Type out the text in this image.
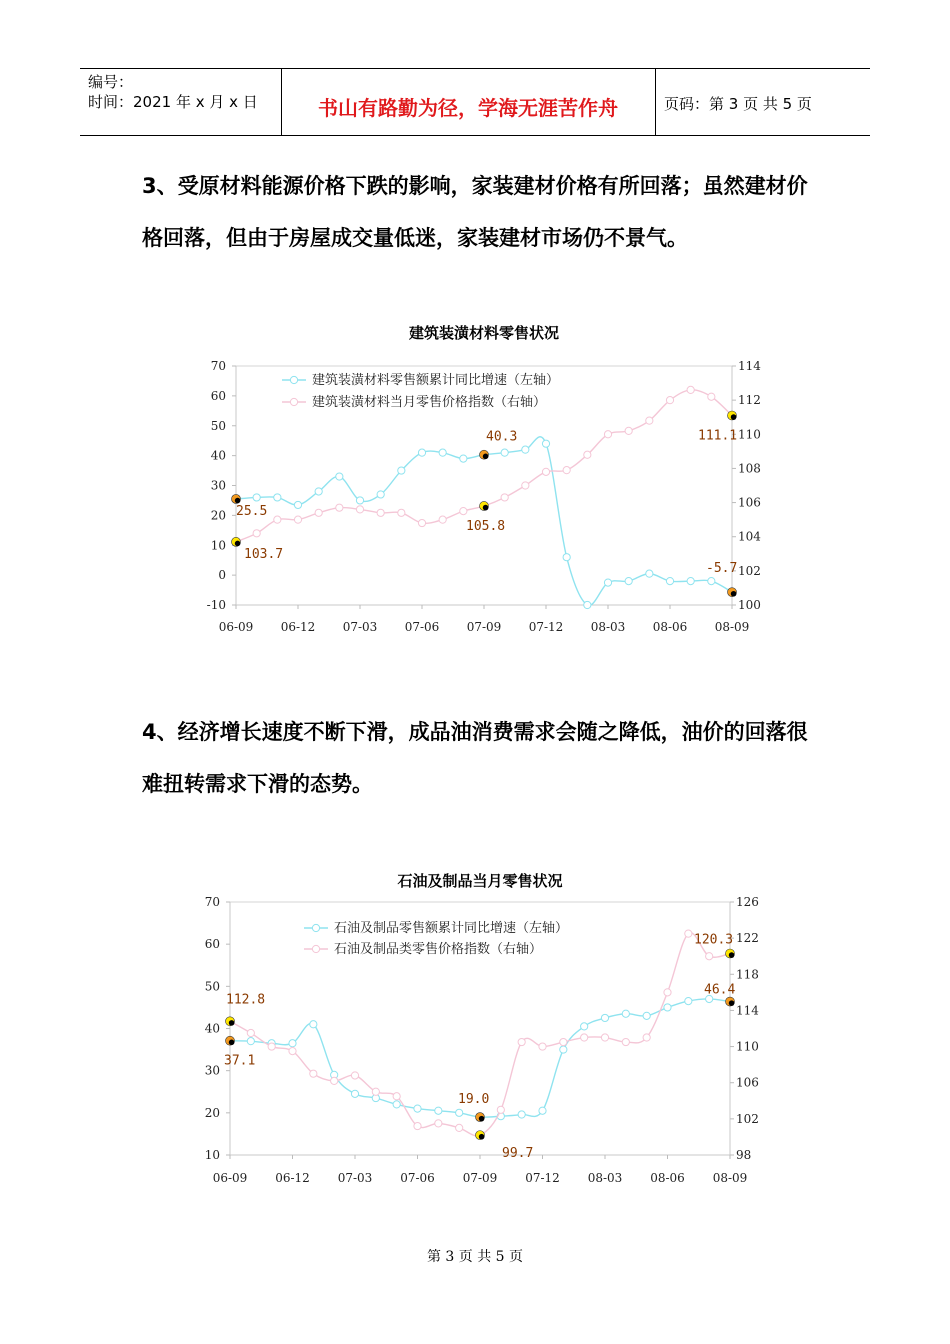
编号：
时间：2021 年 x 月 x 日	书山有路勤为径，学海无涯苦作舟	页码：第 3 页 共 5 页
3、受原材料能源价格下跌的影响，家装建材价格有所回落；虽然建材价格回落，但由于房屋成交量低迷，家装建材市场仍不景气。
建筑装潢材料零售状况
70
60
50
40
30
20
10
0
-10
114
112
110
108
106
104
102
100
06-09 06-12 07-03 07-06 07-09 07-12 08-03 08-06 08-09
建筑装潢材料零售额累计同比增速（左轴）
建筑装潢材料当月零售价格指数（右轴）
25.5
103.7
40.3
105.8
111.1
-5.7
4、经济增长速度不断下滑，成品油消费需求会随之降低，油价的回落很难扭转需求下滑的态势。
石油及制品当月零售状况
70
60
50
40
30
20
10
126
122
118
114
110
106
102
98
06-09 06-12 07-03 07-06 07-09 07-12 08-03 08-06 08-09
石油及制品零售额累计同比增速（左轴）
石油及制品类零售价格指数（右轴）
112.8
37.1
19.0
99.7
120.3
46.4
第 3 页 共 5 页
